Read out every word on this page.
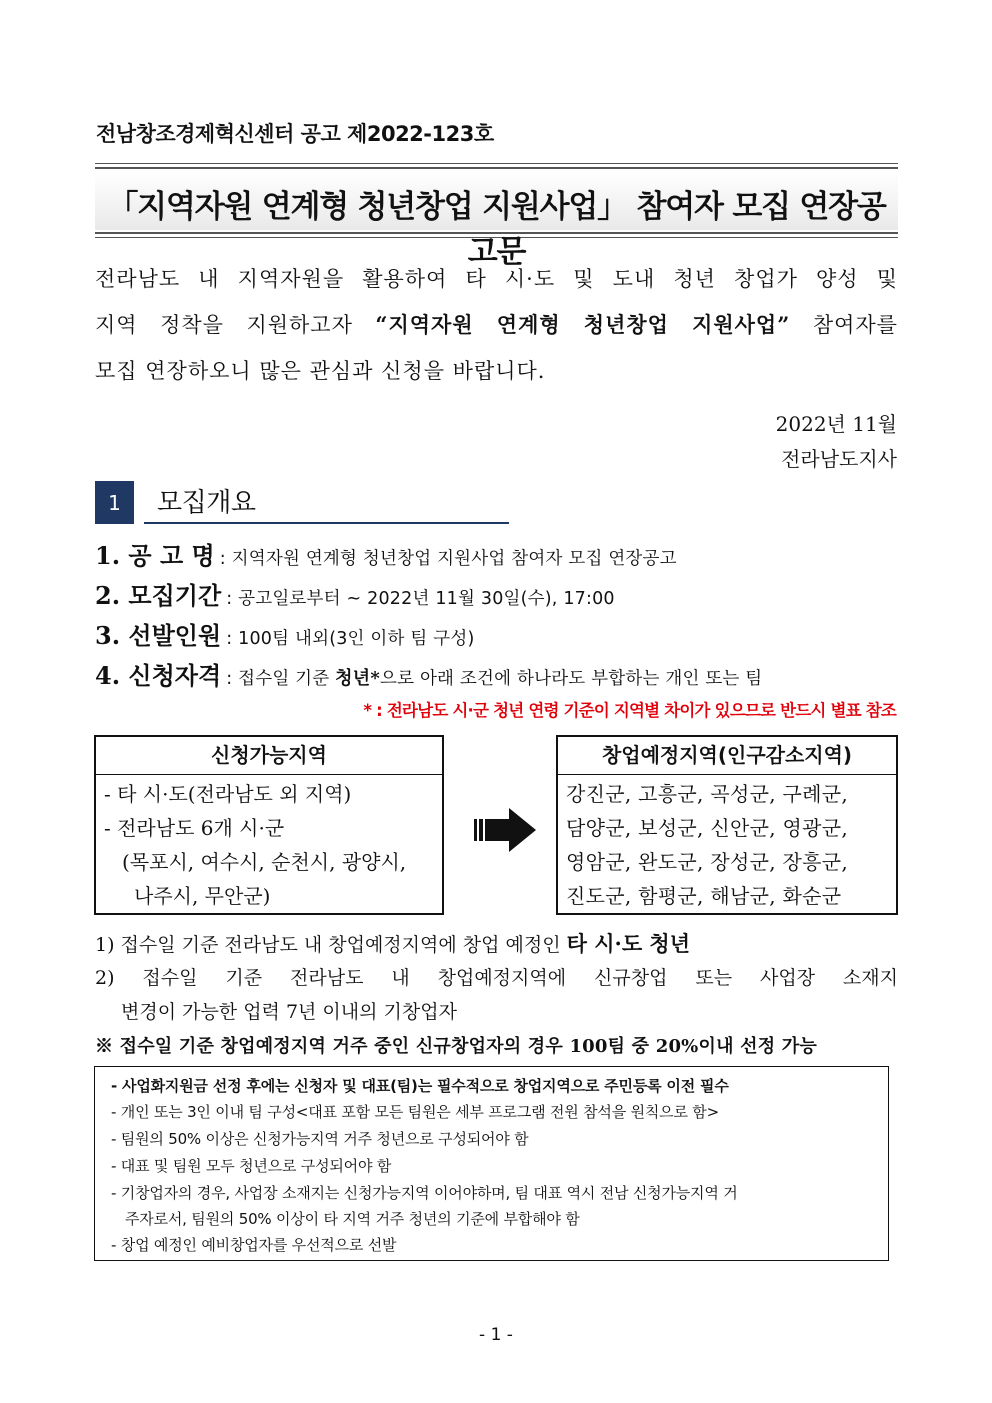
전남창조경제혁신센터 공고 제2022-123호
「지역자원 연계형 청년창업 지원사업」 참여자 모집 연장공고문
전라남도 내 지역자원을 활용하여 타 시·도 및 도내 청년 창업가 양성 및
지역 정착을 지원하고자 “지역자원 연계형 청년창업 지원사업” 참여자를
모집 연장하오니 많은 관심과 신청을 바랍니다.
2022년 11월
전라남도지사
1	모집개요
1. 공 고 명 : 지역자원 연계형 청년창업 지원사업 참여자 모집 연장공고
2. 모집기간 : 공고일로부터 ~ 2022년 11월 30일(수), 17:00
3. 선발인원 : 100팀 내외(3인 이하 팀 구성)
4. 신청자격 : 접수일 기준 청년*으로 아래 조건에 하나라도 부합하는 개인 또는 팀
* : 전라남도 시·군 청년 연령 기준이 지역별 차이가 있으므로 반드시 별표 참조
신청가능지역
- 타 시·도(전라남도 외 지역)
- 전라남도 6개 시·군
(목포시, 여수시, 순천시, 광양시,
나주시, 무안군)
창업예정지역(인구감소지역)
강진군, 고흥군, 곡성군, 구례군,
담양군, 보성군, 신안군, 영광군,
영암군, 완도군, 장성군, 장흥군,
진도군, 함평군, 해남군, 화순군
1) 접수일 기준 전라남도 내 창업예정지역에 창업 예정인 타 시·도 청년
2) 접수일 기준 전라남도 내 창업예정지역에 신규창업 또는 사업장 소재지
변경이 가능한 업력 7년 이내의 기창업자
※ 접수일 기준 창업예정지역 거주 중인 신규창업자의 경우 100팀 중 20%이내 선정 가능
- 사업화지원금 선정 후에는 신청자 및 대표(팀)는 필수적으로 창업지역으로 주민등록 이전 필수
- 개인 또는 3인 이내 팀 구성<대표 포함 모든 팀원은 세부 프로그램 전원 참석을 원칙으로 함>
- 팀원의 50% 이상은 신청가능지역 거주 청년으로 구성되어야 함
- 대표 및 팀원 모두 청년으로 구성되어야 함
- 기창업자의 경우, 사업장 소재지는 신청가능지역 이어야하며, 팀 대표 역시 전남 신청가능지역 거
주자로서, 팀원의 50% 이상이 타 지역 거주 청년의 기준에 부합해야 함
- 창업 예정인 예비창업자를 우선적으로 선발
- 1 -
